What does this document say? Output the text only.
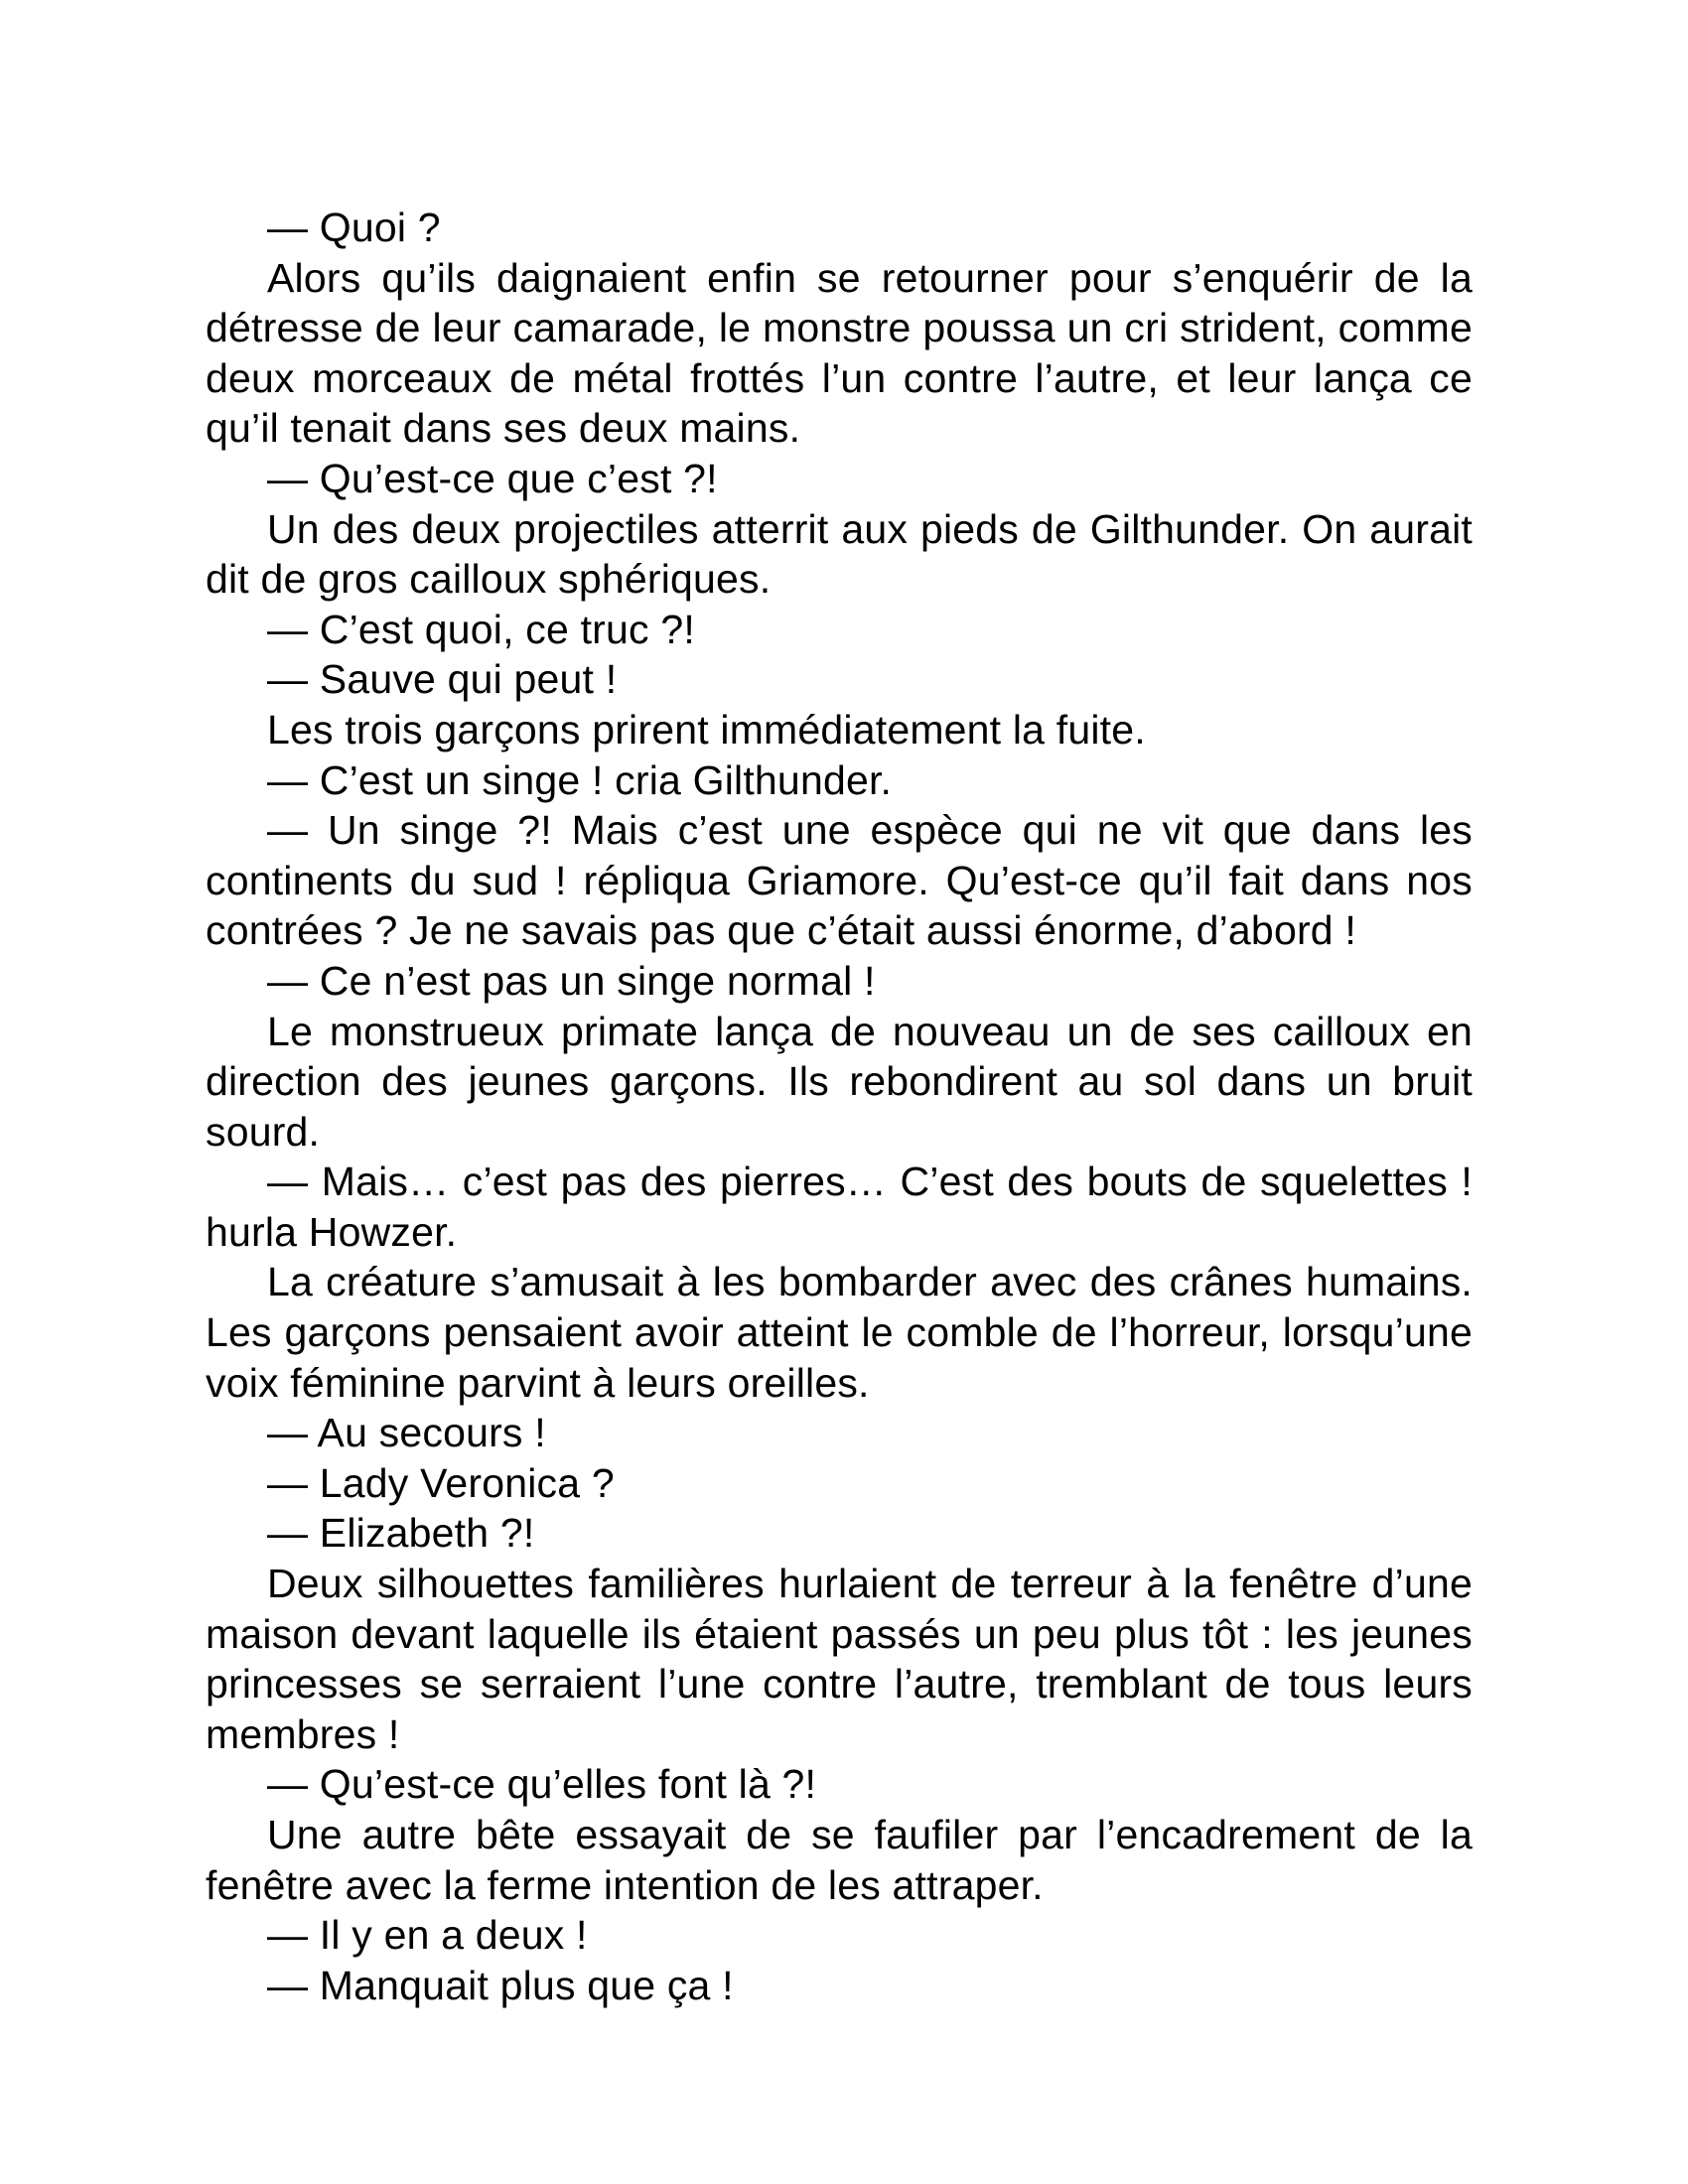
— Quoi ?

Alors qu’ils daignaient enfin se retourner pour s’enquérir de la détresse de leur camarade, le monstre poussa un cri strident, comme deux morceaux de métal frottés l’un contre l’autre, et leur lança ce qu’il tenait dans ses deux mains.

— Qu’est-ce que c’est ?!

Un des deux projectiles atterrit aux pieds de Gilthunder. On aurait dit de gros cailloux sphériques.

— C’est quoi, ce truc ?!

— Sauve qui peut !

Les trois garçons prirent immédiatement la fuite.

— C’est un singe ! cria Gilthunder.

— Un singe ?! Mais c’est une espèce qui ne vit que dans les continents du sud ! répliqua Griamore. Qu’est-ce qu’il fait dans nos contrées ? Je ne savais pas que c’était aussi énorme, d’abord !

— Ce n’est pas un singe normal !

Le monstrueux primate lança de nouveau un de ses cailloux en direction des jeunes garçons. Ils rebondirent au sol dans un bruit sourd.

— Mais… c’est pas des pierres… C’est des bouts de squelettes ! hurla Howzer.

La créature s’amusait à les bombarder avec des crânes humains. Les garçons pensaient avoir atteint le comble de l’horreur, lorsqu’une voix féminine parvint à leurs oreilles.

— Au secours !

— Lady Veronica ?

— Elizabeth ?!

Deux silhouettes familières hurlaient de terreur à la fenêtre d’une maison devant laquelle ils étaient passés un peu plus tôt : les jeunes princesses se serraient l’une contre l’autre, tremblant de tous leurs membres !

— Qu’est-ce qu’elles font là ?!

Une autre bête essayait de se faufiler par l’encadrement de la fenêtre avec la ferme intention de les attraper.

— Il y en a deux !

— Manquait plus que ça !
